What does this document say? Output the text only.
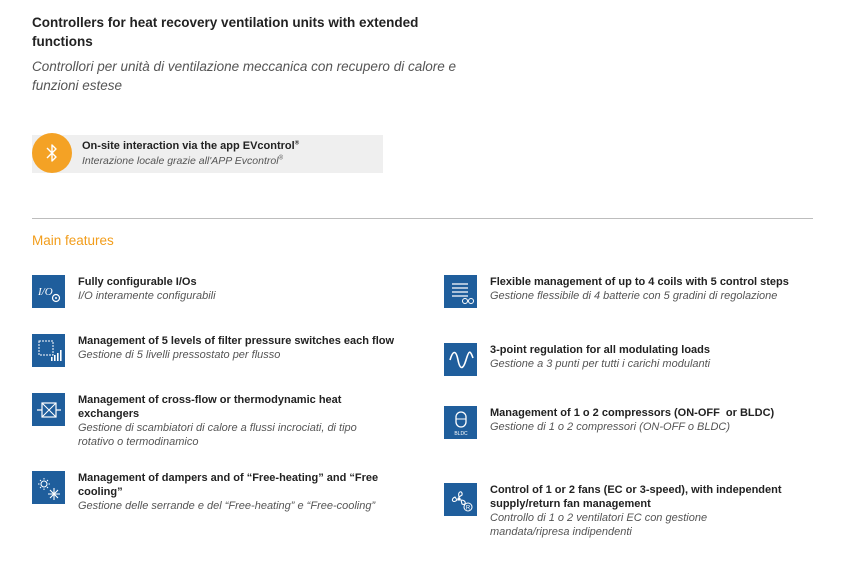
Controllers for heat recovery ventilation units with extended functions
Controllori per unità di ventilazione meccanica con recupero di calore e funzioni estese
On-site interaction via the app EVcontrol®
Interazione locale grazie all'APP Evcontrol®
Main features
I/O
Fully configurable I/Os
I/O interamente configurabili
Management of 5 levels of filter pressure switches each flow
Gestione di 5 livelli pressostato per flusso
Management of cross-flow or thermodynamic heat exchangers
Gestione di scambiatori di calore a flussi incrociati, di tipo rotativo o termodinamico
Management of dampers and of “Free-heating” and “Free cooling”
Gestione delle serrande e del “Free-heating” e “Free-cooling”
Flexible management of up to 4 coils with 5 control steps
Gestione flessibile di 4 batterie con 5 gradini di regolazione
3-point regulation for all modulating loads
Gestione a 3 punti per tutti i carichi modulanti
BLDC
Management of 1 o 2 compressors (ON-OFF  or BLDC)
Gestione di 1 o 2 compressori (ON-OFF o BLDC)
R
Control of 1 or 2 fans (EC or 3-speed), with independent supply/return fan management
Controllo di 1 o 2 ventilatori EC con gestione mandata/ripresa indipendenti
